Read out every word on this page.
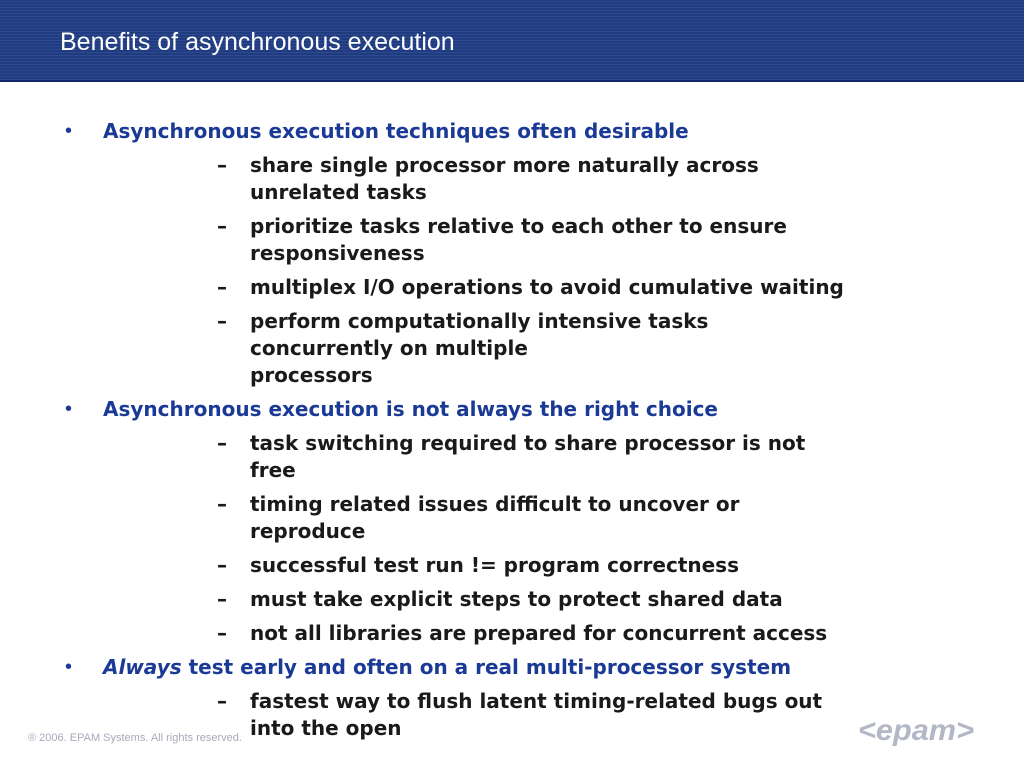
Benefits of asynchronous execution
• Asynchronous execution techniques often desirable
– share single processor more naturally across unrelated tasks
– prioritize tasks relative to each other to ensure responsiveness
– multiplex I/O operations to avoid cumulative waiting
– perform computationally intensive tasks concurrently on multiple
processors
• Asynchronous execution is not always the right choice
– task switching required to share processor is not free
– timing related issues difficult to uncover or reproduce
– successful test run != program correctness
– must take explicit steps to protect shared data
– not all libraries are prepared for concurrent access
• Always test early and often on a real multi-processor system
– fastest way to flush latent timing-related bugs out into the open
® 2006. EPAM Systems. All rights reserved.	<epam>
